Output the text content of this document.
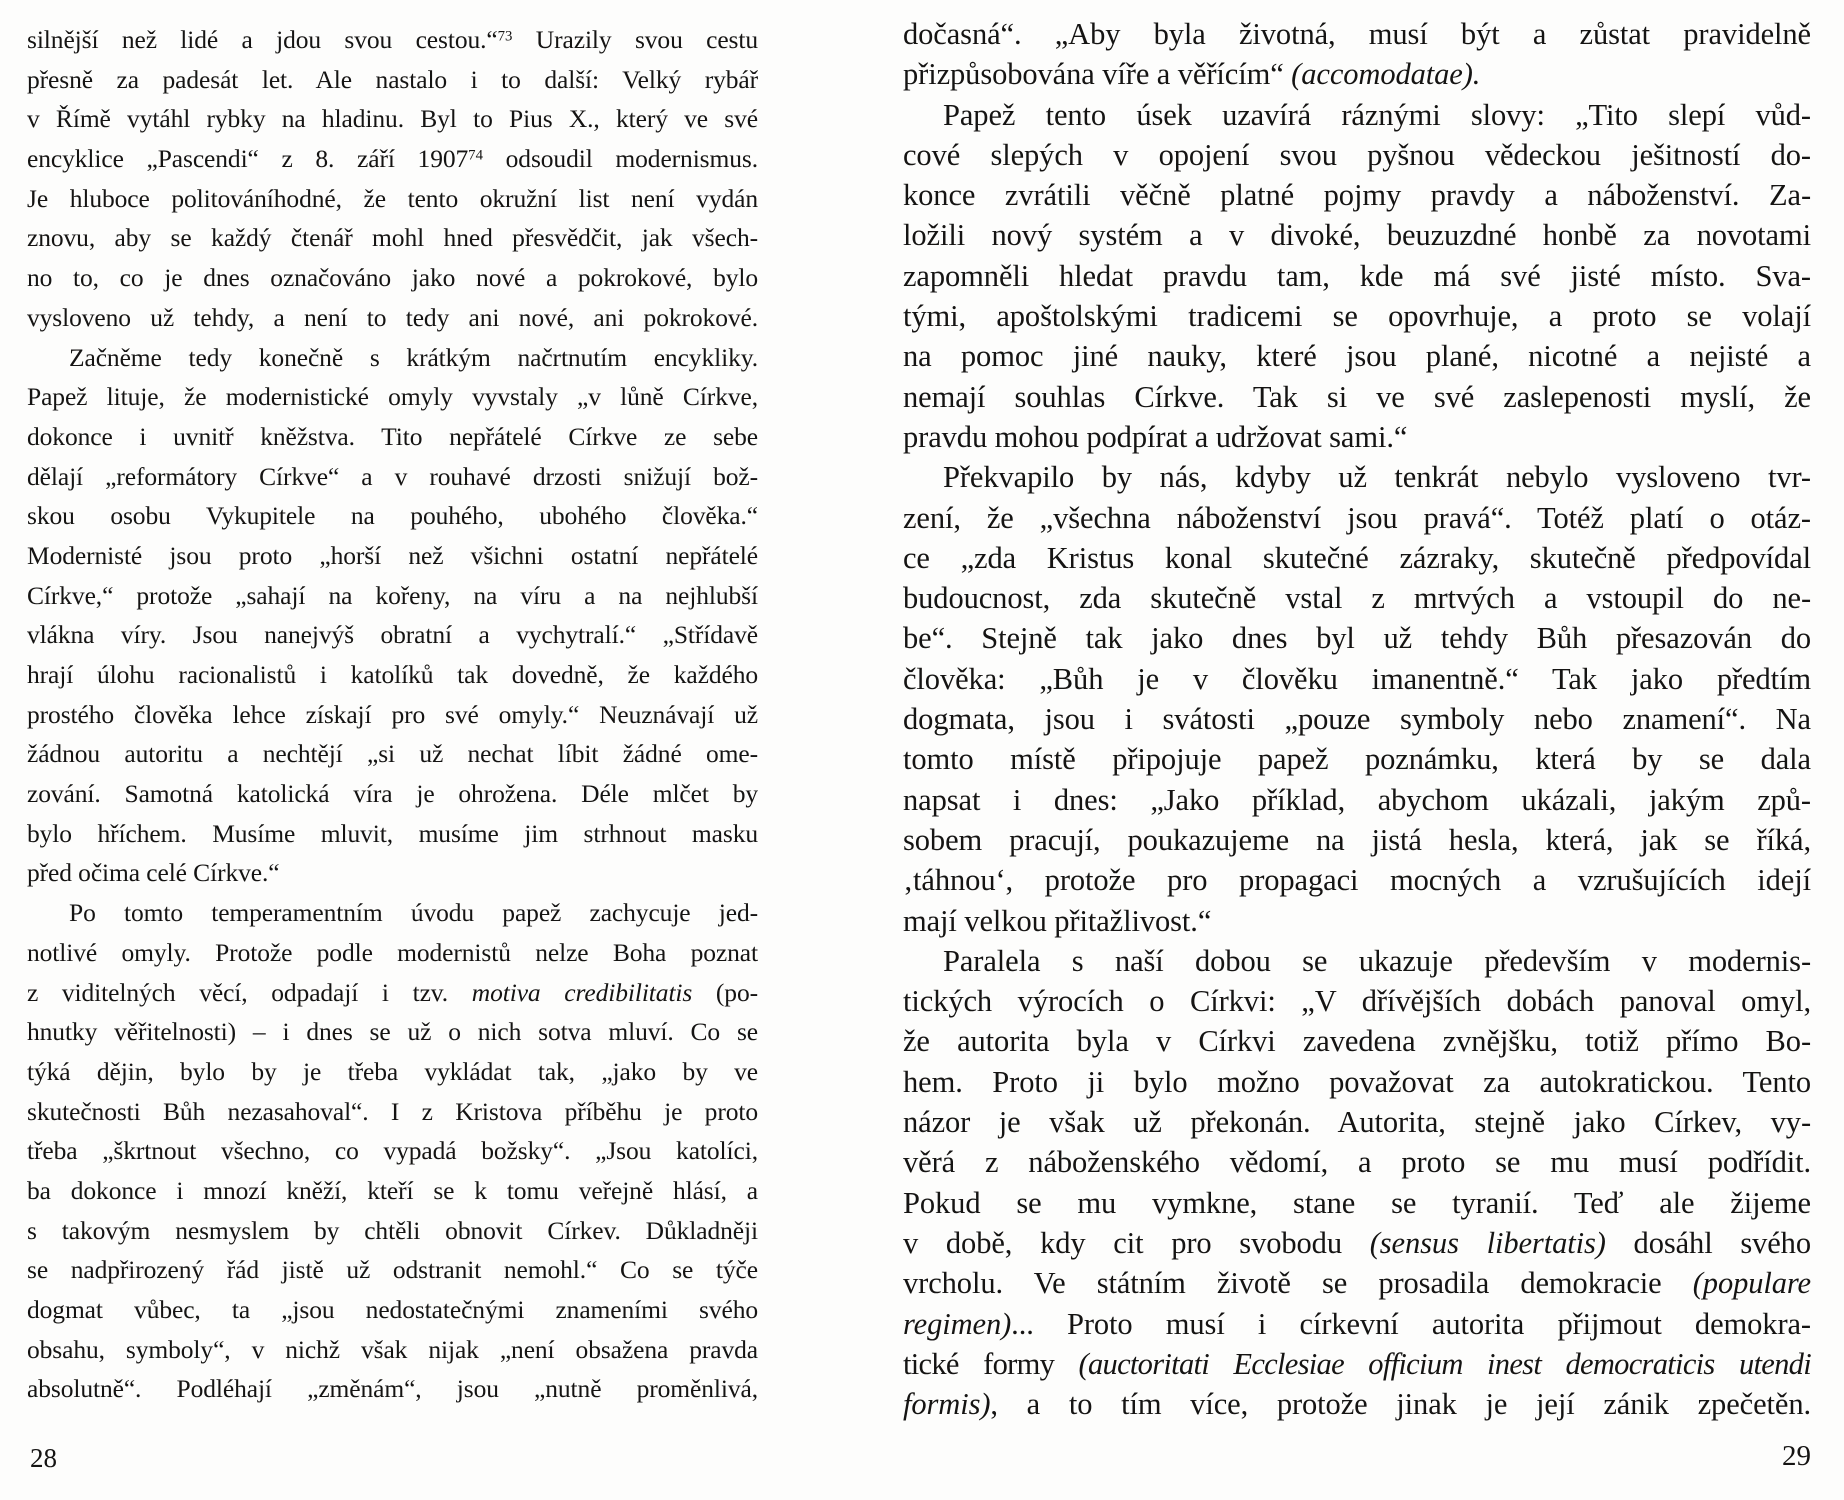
silnější než lidé a jdou svou cestou.“$^{73}$ Urazily svou cestu

přesně za padesát let. Ale nastalo i to další: Velký rybář

v Římě vytáhl rybky na hladinu. Byl to Pius X., který ve své

encyklice „Pascendi“ z 8. září 1907$^{74}$ odsoudil modernismus.

Je hluboce politováníhodné, že tento okružní list není vydán

znovu, aby se každý čtenář mohl hned přesvědčit, jak všech-

no to, co je dnes označováno jako nové a pokrokové, bylo

vysloveno už tehdy, a není to tedy ani nové, ani pokrokové.

Začněme tedy konečně s krátkým načrtnutím encykliky.

Papež lituje, že modernistické omyly vyvstaly „v lůně Církve,

dokonce i uvnitř kněžstva. Tito nepřátelé Církve ze sebe

dělají „reformátory Církve“ a v rouhavé drzosti snižují bož-

skou osobu Vykupitele na pouhého, ubohého člověka.“

Modernisté jsou proto „horší než všichni ostatní nepřátelé

Církve,“ protože „sahají na kořeny, na víru a na nejhlubší

vlákna víry. Jsou nanejvýš obratní a vychytralí.“ „Střídavě

hrají úlohu racionalistů i katolíků tak dovedně, že každého

prostého člověka lehce získají pro své omyly.“ Neuznávají už

žádnou autoritu a nechtějí „si už nechat líbit žádné ome-

zování. Samotná katolická víra je ohrožena. Déle mlčet by

bylo hříchem. Musíme mluvit, musíme jim strhnout masku

před očima celé Církve.“

Po tomto temperamentním úvodu papež zachycuje jed-

notlivé omyly. Protože podle modernistů nelze Boha poznat

z viditelných věcí, odpadají i tzv. motiva credibilitatis (po-

hnutky věřitelnosti) – i dnes se už o nich sotva mluví. Co se

týká dějin, bylo by je třeba vykládat tak, „jako by ve

skutečnosti Bůh nezasahoval“. I z Kristova příběhu je proto

třeba „škrtnout všechno, co vypadá božsky“. „Jsou katolíci,

ba dokonce i mnozí kněží, kteří se k tomu veřejně hlásí, a

s takovým nesmyslem by chtěli obnovit Církev. Důkladněji

se nadpřirozený řád jistě už odstranit nemohl.“ Co se týče

dogmat vůbec, ta „jsou nedostatečnými znameními svého

obsahu, symboly“, v nichž však nijak „není obsažena pravda

absolutně“. Podléhají „změnám“, jsou „nutně proměnlivá,

dočasná“. „Aby byla životná, musí být a zůstat pravidelně

přizpůsobována víře a věřícím“ (accomodatae).

Papež tento úsek uzavírá ráznými slovy: „Tito slepí vůd-

cové slepých v opojení svou pyšnou vědeckou ješitností do-

konce zvrátili věčně platné pojmy pravdy a náboženství. Za-

ložili nový systém a v divoké, beuzuzdné honbě za novotami

zapomněli hledat pravdu tam, kde má své jisté místo. Sva-

tými, apoštolskými tradicemi se opovrhuje, a proto se volají

na pomoc jiné nauky, které jsou plané, nicotné a nejisté a

nemají souhlas Církve. Tak si ve své zaslepenosti myslí, že

pravdu mohou podpírat a udržovat sami.“

Překvapilo by nás, kdyby už tenkrát nebylo vysloveno tvr-

zení, že „všechna náboženství jsou pravá“. Totéž platí o otáz-

ce „zda Kristus konal skutečné zázraky, skutečně předpovídal

budoucnost, zda skutečně vstal z mrtvých a vstoupil do ne-

be“. Stejně tak jako dnes byl už tehdy Bůh přesazován do

člověka: „Bůh je v člověku imanentně.“ Tak jako předtím

dogmata, jsou i svátosti „pouze symboly nebo znamení“. Na

tomto místě připojuje papež poznámku, která by se dala

napsat i dnes: „Jako příklad, abychom ukázali, jakým způ-

sobem pracují, poukazujeme na jistá hesla, která, jak se říká,

‚táhnou‘, protože pro propagaci mocných a vzrušujících idejí

mají velkou přitažlivost.“

Paralela s naší dobou se ukazuje především v modernis-

tických výrocích o Církvi: „V dřívějších dobách panoval omyl,

že autorita byla v Církvi zavedena zvnějšku, totiž přímo Bo-

hem. Proto ji bylo možno považovat za autokratickou. Tento

názor je však už překonán. Autorita, stejně jako Církev, vy-

věrá z náboženského vědomí, a proto se mu musí podřídit.

Pokud se mu vymkne, stane se tyranií. Teď ale žijeme

v době, kdy cit pro svobodu (sensus libertatis) dosáhl svého

vrcholu. Ve státním životě se prosadila demokracie (populare

regimen)... Proto musí i církevní autorita přijmout demokra-

tické formy (auctoritati Ecclesiae officium inest democraticis utendi

formis), a to tím více, protože jinak je její zánik zpečetěn.

28	29
